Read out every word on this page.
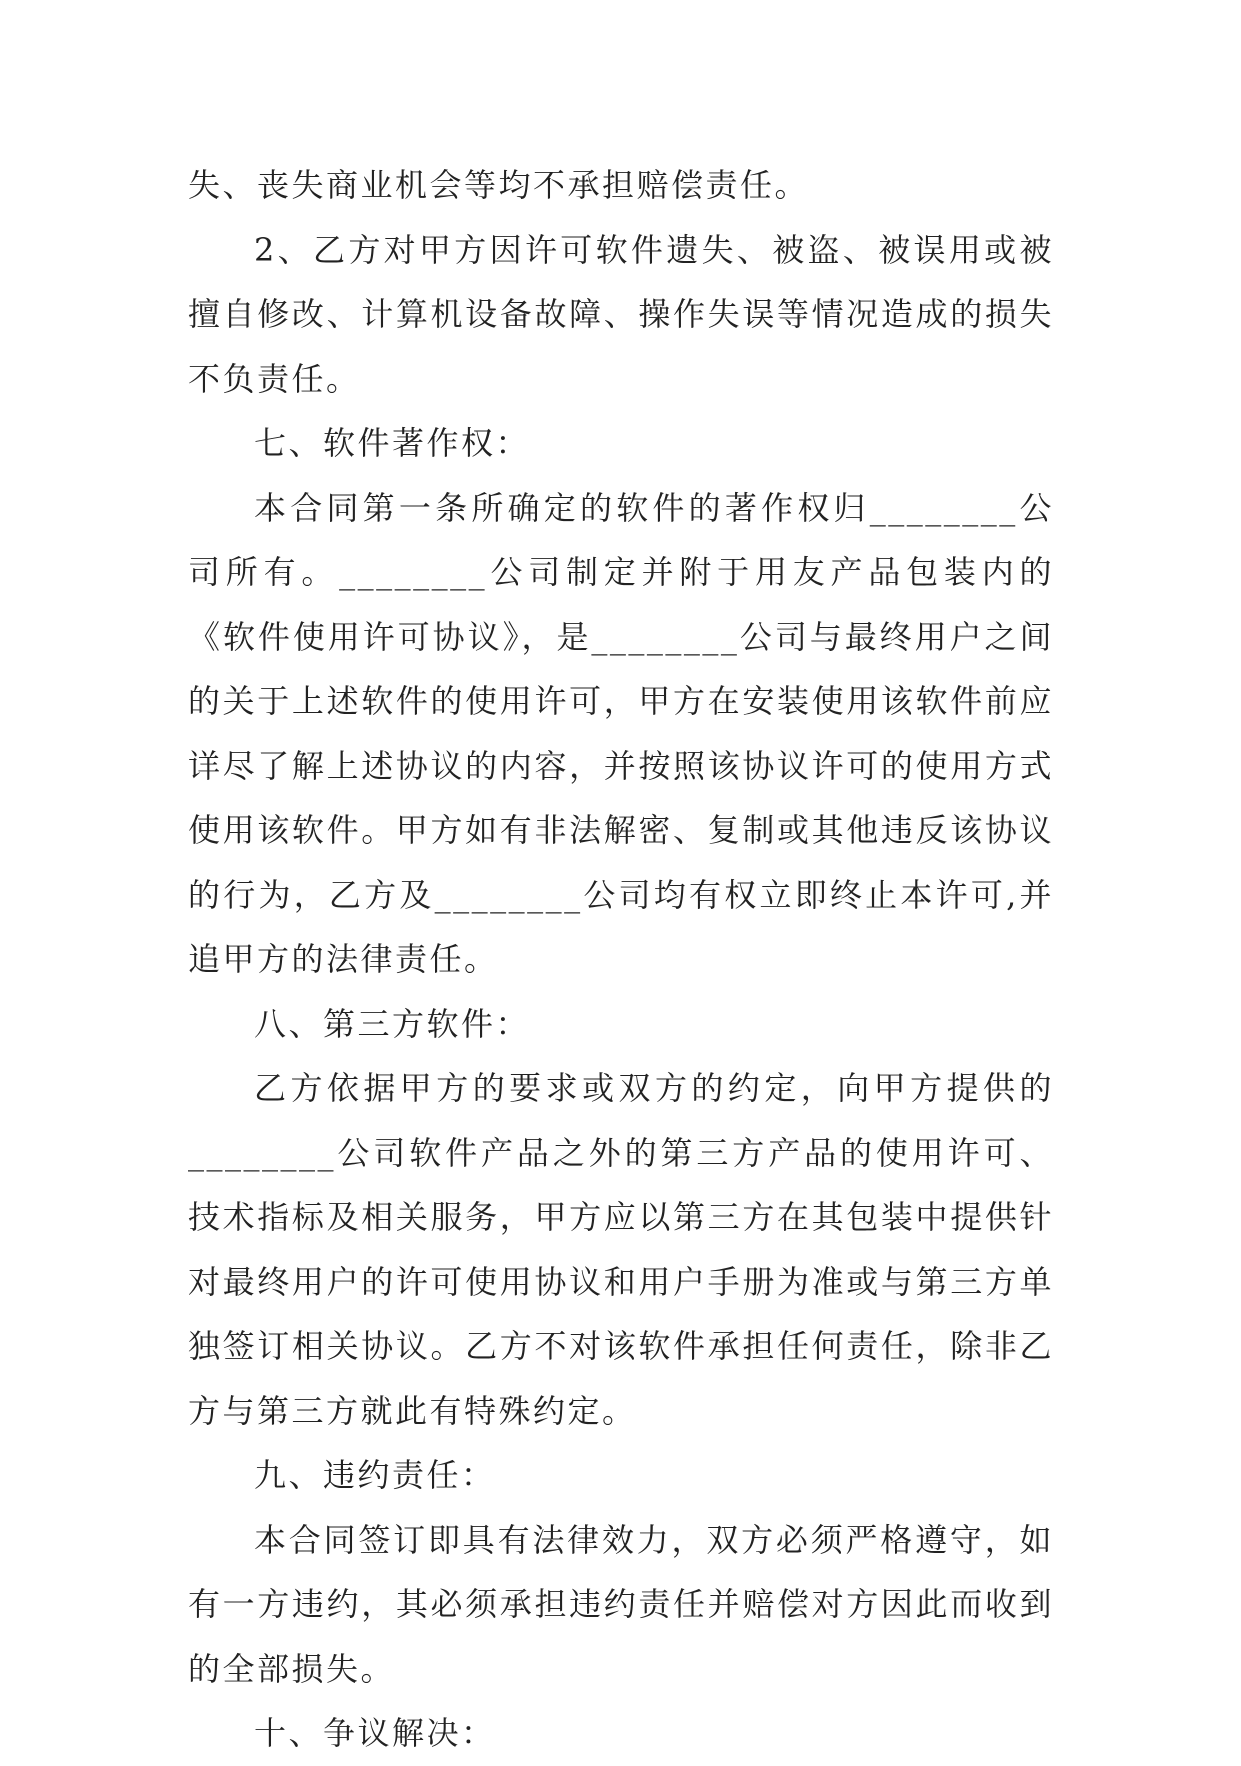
失、丧失商业机会等均不承担赔偿责任。

2、乙方对甲方因许可软件遗失、被盗、被误用或被擅自修改、计算机设备故障、操作失误等情况造成的损失不负责任。

七、软件著作权：

本合同第一条所确定的软件的著作权归________公司所有。________公司制定并附于用友产品包装内的《软件使用许可协议》，是________公司与最终用户之间的关于上述软件的使用许可，甲方在安装使用该软件前应详尽了解上述协议的内容，并按照该协议许可的使用方式使用该软件。甲方如有非法解密、复制或其他违反该协议的行为，乙方及________公司均有权立即终止本许可,并追甲方的法律责任。

八、第三方软件：

乙方依据甲方的要求或双方的约定，向甲方提供的________公司软件产品之外的第三方产品的使用许可、技术指标及相关服务，甲方应以第三方在其包装中提供针对最终用户的许可使用协议和用户手册为准或与第三方单独签订相关协议。乙方不对该软件承担任何责任，除非乙方与第三方就此有特殊约定。

九、违约责任：

本合同签订即具有法律效力，双方必须严格遵守，如有一方违约，其必须承担违约责任并赔偿对方因此而收到的全部损失。

十、争议解决：
